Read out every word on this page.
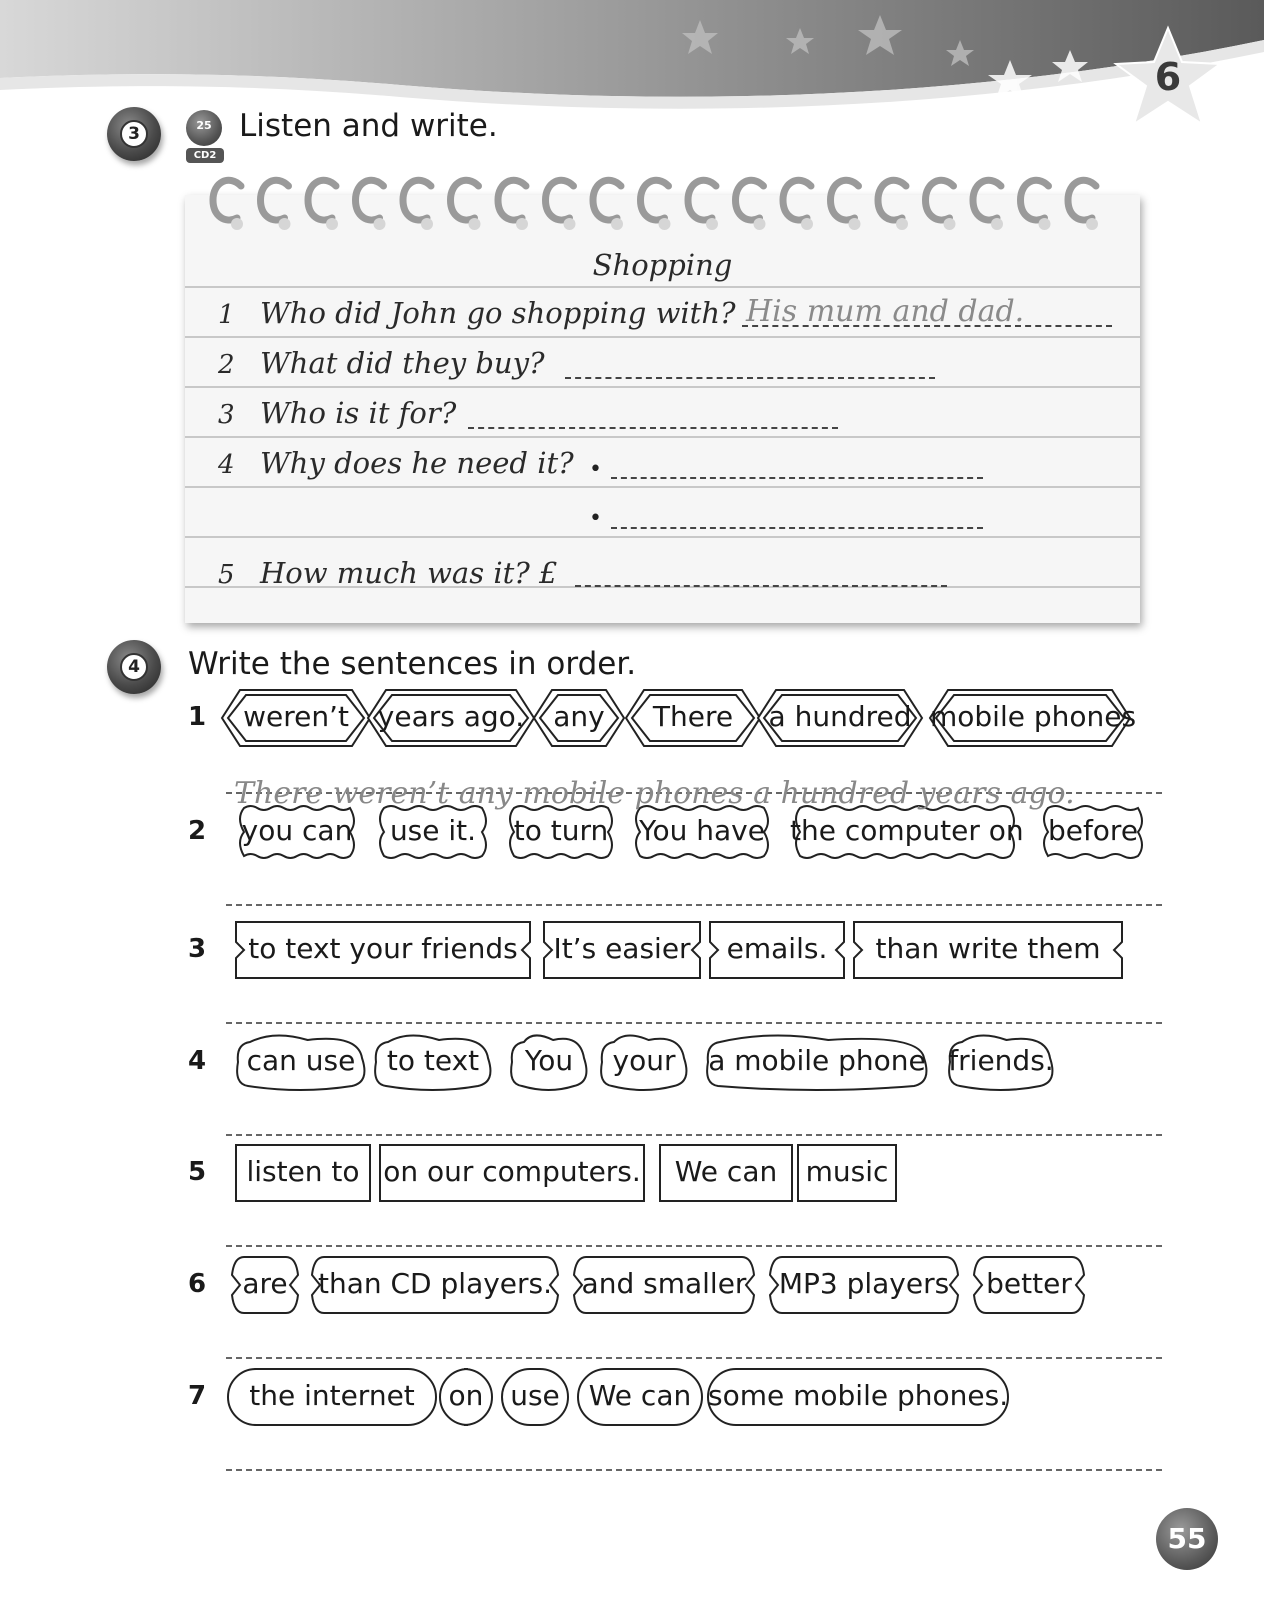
6
3	25
CD2
Listen and write.
Shopping
1 Who did John go shopping with? His mum and dad.
2 What did they buy?
3 Who is it for?
4 Why does he need it? •
•
5 How much was it? £
4 Write the sentences in order.
1	weren’t	years ago.	any	There	a hundred mobile phones
2 you can	use it.	to turn	You have the computer on before
3	to text your friends	It’s easier	emails.	than write them
4	can use	to text	You	your	a mobile phone friends.
5	listen to on our computers.	We can	music
6	are	than CD players. and smaller	MP3 players	better
7	the internet	on use	We can some mobile phones.
There weren’t any mobile phones a hundred years ago.
55
